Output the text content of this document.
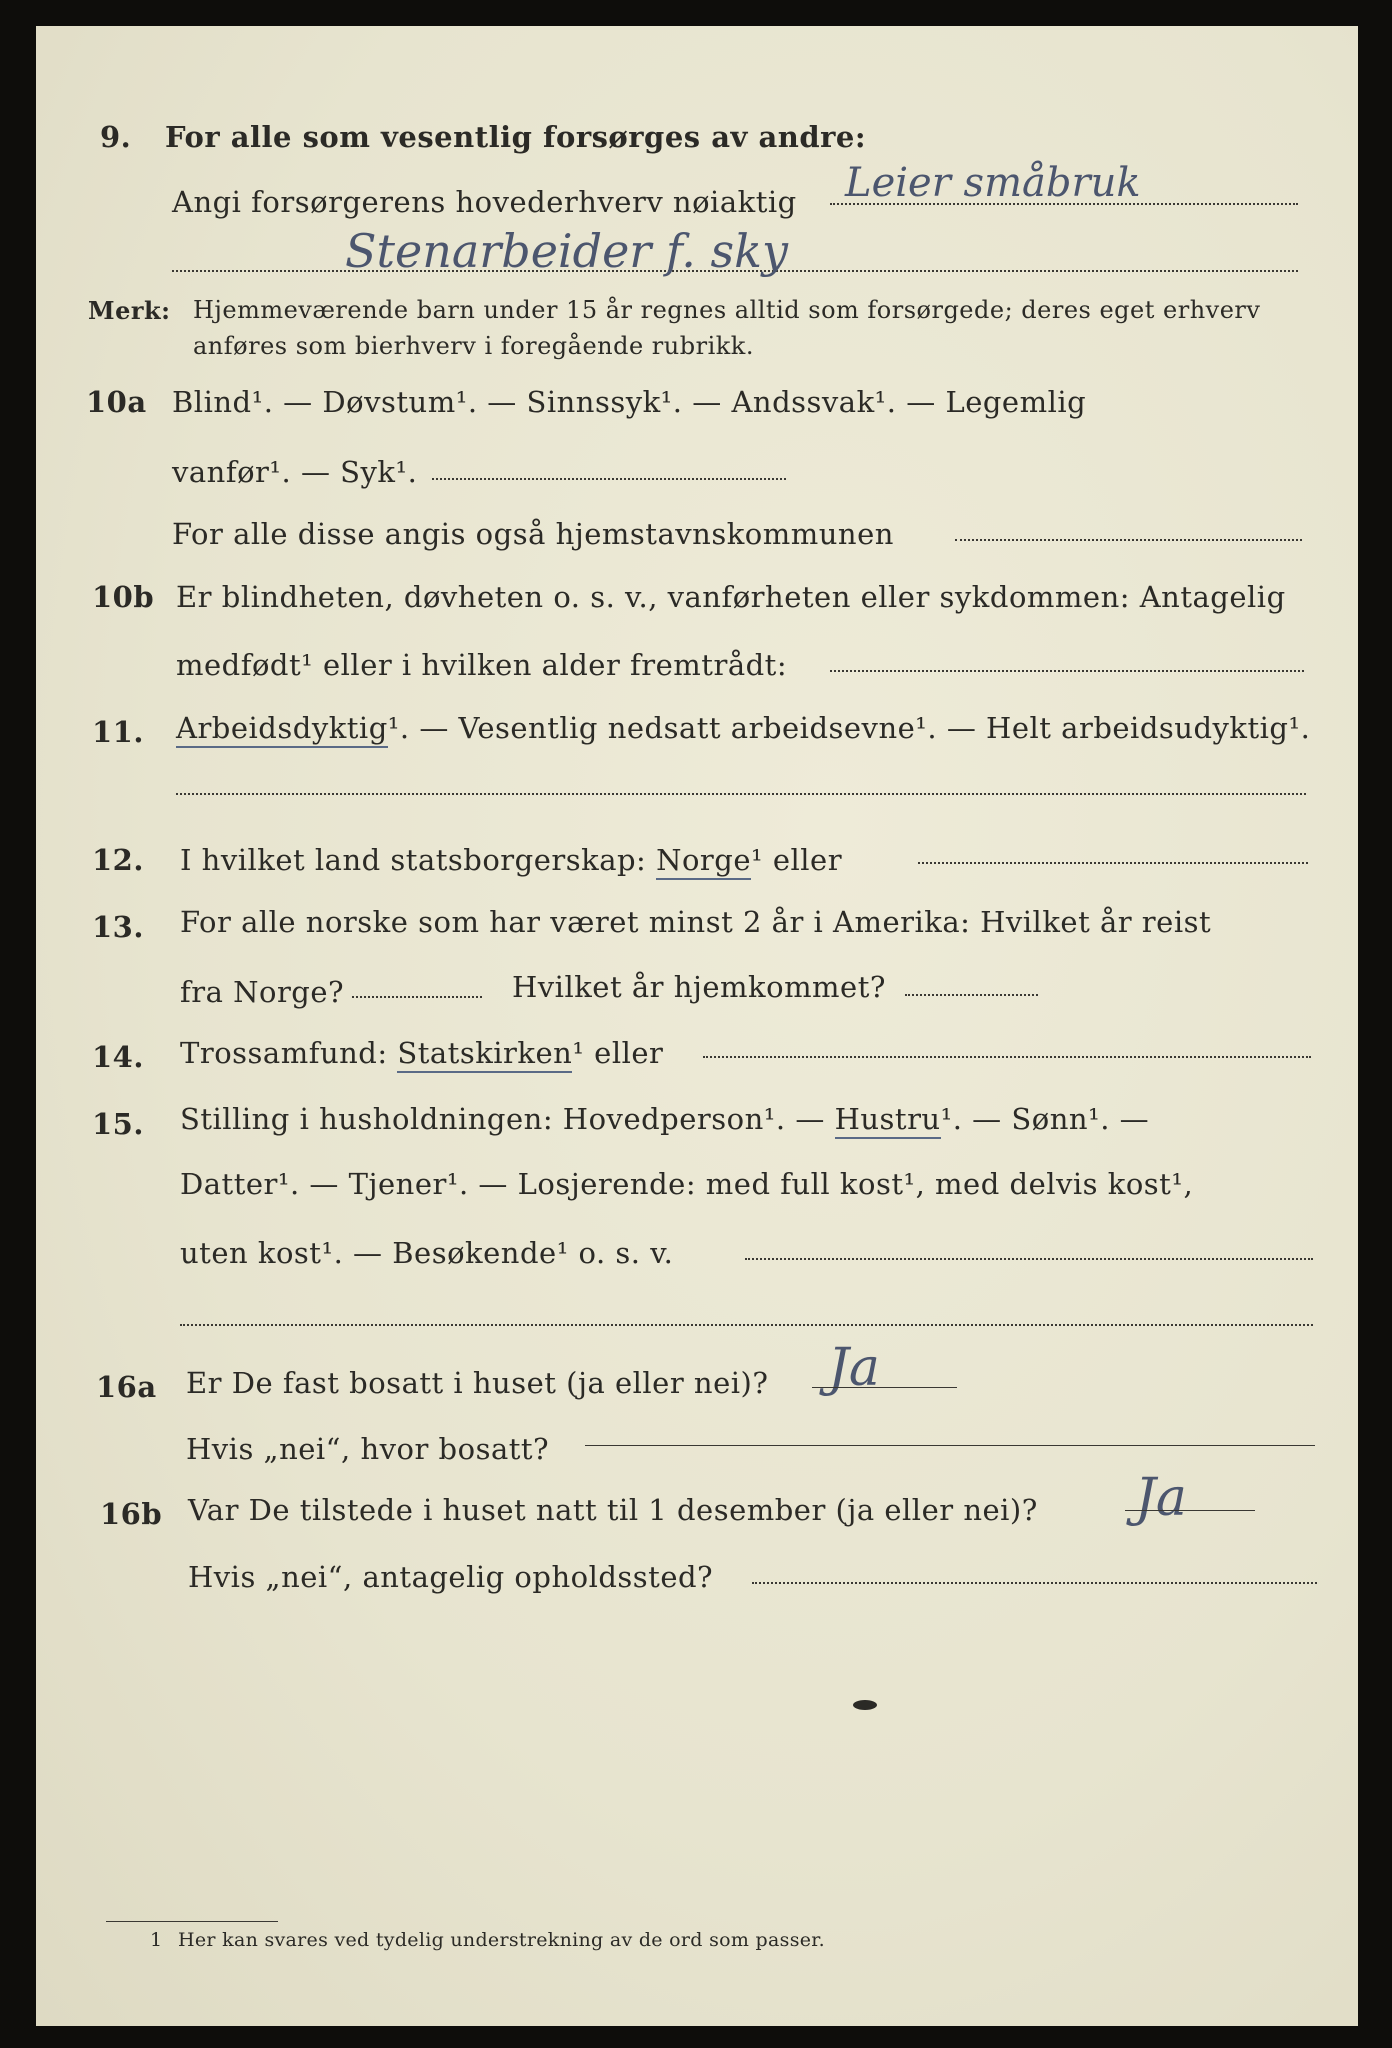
9. For alle som vesentlig forsørges av andre:
Angi forsørgerens hovederhverv nøiaktig Leier småbruk
Stenarbeider f. sky
Merk: Hjemmeværende barn under 15 år regnes alltid som forsørgede; deres eget erhverv
anføres som bierhverv i foregående rubrikk.
10a Blind¹. — Døvstum¹. — Sinnssyk¹. — Andssvak¹. — Legemlig
vanfør¹. — Syk¹.
For alle disse angis også hjemstavnskommunen
10b Er blindheten, døvheten o. s. v., vanførheten eller sykdommen: Antagelig
medfødt¹ eller i hvilken alder fremtrådt:
11. Arbeidsdyktig¹. — Vesentlig nedsatt arbeidsevne¹. — Helt arbeidsudyktig¹.
12. I hvilket land statsborgerskap: Norge¹ eller
13. For alle norske som har været minst 2 år i Amerika: Hvilket år reist
fra Norge?	Hvilket år hjemkommet?
14. Trossamfund: Statskirken¹ eller
15. Stilling i husholdningen: Hovedperson¹. — Hustru¹. — Sønn¹. —
Datter¹. — Tjener¹. — Losjerende: med full kost¹, med delvis kost¹,
uten kost¹. — Besøkende¹ o. s. v.
16a Er De fast bosatt i huset (ja eller nei)? Ja
Hvis „nei“, hvor bosatt?
16b Var De tilstede i huset natt til 1 desember (ja eller nei)? Ja
Hvis „nei“, antagelig opholdssted?
1 Her kan svares ved tydelig understrekning av de ord som passer.
